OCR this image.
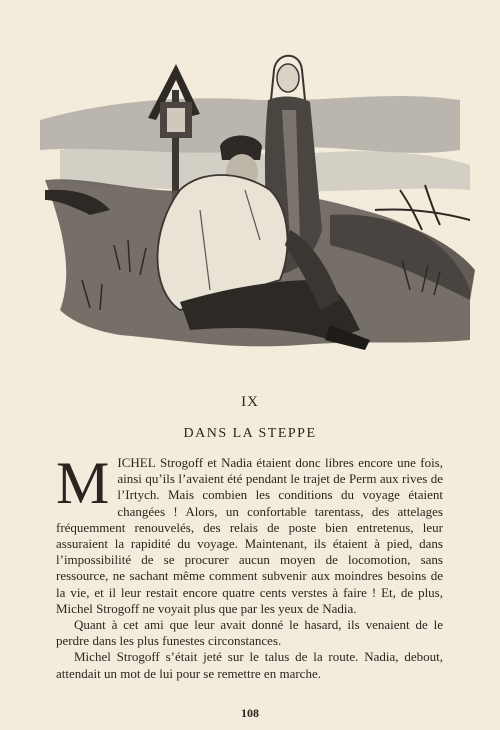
IX
DANS LA STEPPE

MICHEL Strogoff et Nadia étaient donc libres encore une fois, ainsi qu’ils l’avaient été pendant le trajet de Perm aux rives de l’Irtych. Mais combien les conditions du voyage étaient changées ! Alors, un confortable tarentass, des attelages fréquemment renouvelés, des relais de poste bien entretenus, leur assuraient la rapidité du voyage. Maintenant, ils étaient à pied, dans l’impossibilité de se procurer aucun moyen de locomotion, sans ressource, ne sachant même comment subvenir aux moindres besoins de la vie, et il leur restait encore quatre cents verstes à faire ! Et, de plus, Michel Strogoff ne voyait plus que par les yeux de Nadia.

Quant à cet ami que leur avait donné le hasard, ils venaient de le perdre dans les plus funestes circonstances.

Michel Strogoff s’était jeté sur le talus de la route. Nadia, debout, attendait un mot de lui pour se remettre en marche.

108
